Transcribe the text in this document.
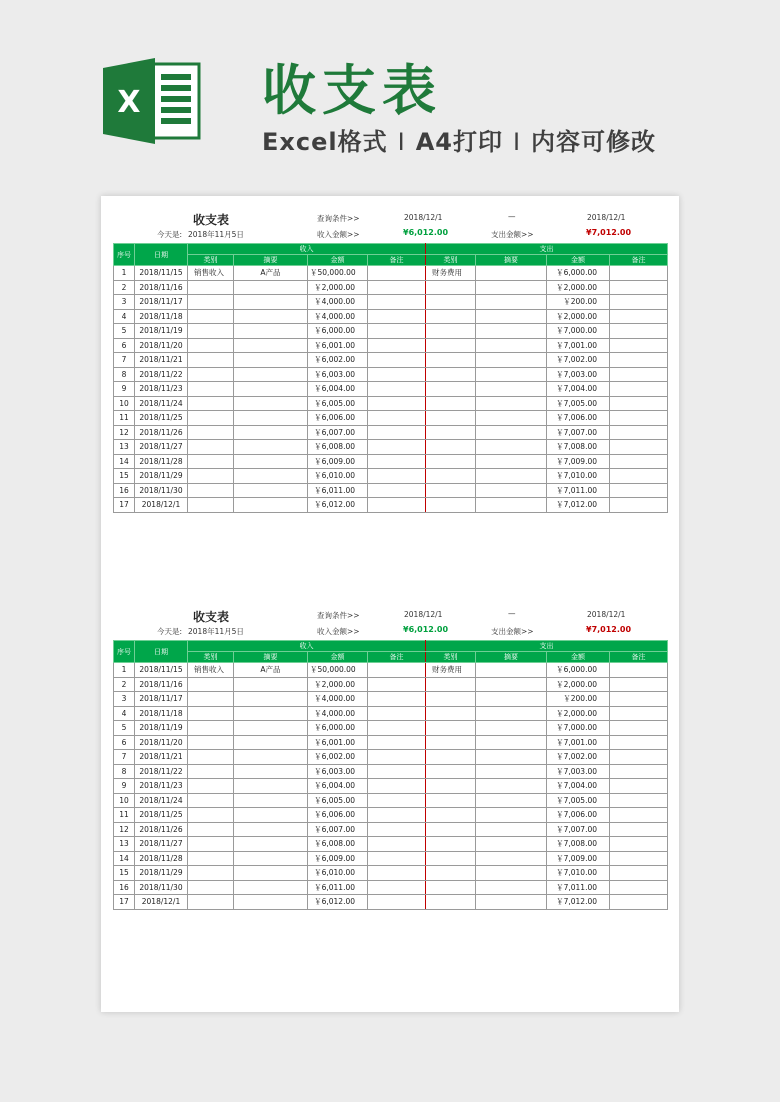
X 收支表
Excel格式 I A4打印 I 内容可修改
收支表
今天是: 2018年11月5日
查询条件>>	2018/12/1	—	2018/12/1
收入金额>>	¥6,012.00	支出金额>>	¥7,012.00
序号	日期	收入				支出			
		类别	摘要	金额	备注	类别	摘要	金额	备注
1	2018/11/15	销售收入	A产品	￥50,000.00		财务费用		￥6,000.00	
2	2018/11/16			￥2,000.00				￥2,000.00	
3	2018/11/17			￥4,000.00				￥200.00	
4	2018/11/18			￥4,000.00				￥2,000.00	
5	2018/11/19			￥6,000.00				￥7,000.00	
6	2018/11/20			￥6,001.00				￥7,001.00	
7	2018/11/21			￥6,002.00				￥7,002.00	
8	2018/11/22			￥6,003.00				￥7,003.00	
9	2018/11/23			￥6,004.00				￥7,004.00	
10	2018/11/24			￥6,005.00				￥7,005.00	
11	2018/11/25			￥6,006.00				￥7,006.00	
12	2018/11/26			￥6,007.00				￥7,007.00	
13	2018/11/27			￥6,008.00				￥7,008.00	
14	2018/11/28			￥6,009.00				￥7,009.00	
15	2018/11/29			￥6,010.00				￥7,010.00	
16	2018/11/30			￥6,011.00				￥7,011.00	
17	2018/12/1			￥6,012.00				￥7,012.00	
收支表
今天是: 2018年11月5日
查询条件>>	2018/12/1	—	2018/12/1
收入金额>>	¥6,012.00	支出金额>>	¥7,012.00
序号	日期	收入				支出			
		类别	摘要	金额	备注	类别	摘要	金额	备注
1	2018/11/15	销售收入	A产品	￥50,000.00		财务费用		￥6,000.00	
2	2018/11/16			￥2,000.00				￥2,000.00	
3	2018/11/17			￥4,000.00				￥200.00	
4	2018/11/18			￥4,000.00				￥2,000.00	
5	2018/11/19			￥6,000.00				￥7,000.00	
6	2018/11/20			￥6,001.00				￥7,001.00	
7	2018/11/21			￥6,002.00				￥7,002.00	
8	2018/11/22			￥6,003.00				￥7,003.00	
9	2018/11/23			￥6,004.00				￥7,004.00	
10	2018/11/24			￥6,005.00				￥7,005.00	
11	2018/11/25			￥6,006.00				￥7,006.00	
12	2018/11/26			￥6,007.00				￥7,007.00	
13	2018/11/27			￥6,008.00				￥7,008.00	
14	2018/11/28			￥6,009.00				￥7,009.00	
15	2018/11/29			￥6,010.00				￥7,010.00	
16	2018/11/30			￥6,011.00				￥7,011.00	
17	2018/12/1			￥6,012.00				￥7,012.00	
